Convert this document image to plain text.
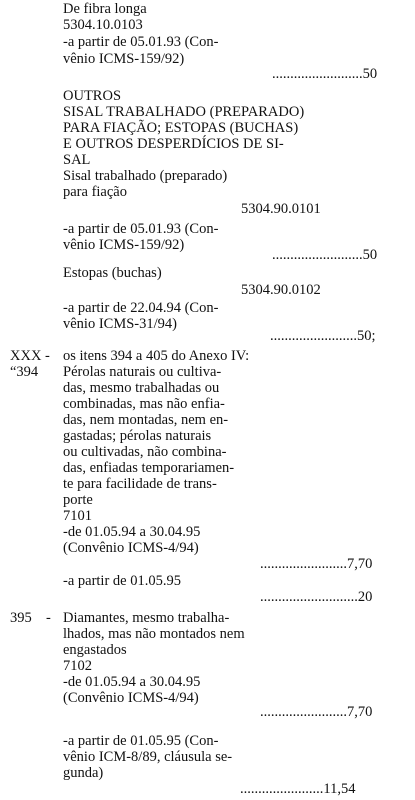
De fibra longa
5304.10.0103
-a partir de 05.01.93 (Con-
vênio ICMS-159/92)
.........................50
OUTROS
SISAL TRABALHADO (PREPARADO)
PARA FIAÇÃO; ESTOPAS (BUCHAS)
E OUTROS DESPERDÍCIOS DE SI-
SAL
Sisal trabalhado (preparado)
para fiação
5304.90.0101
-a partir de 05.01.93 (Con-
vênio ICMS-159/92)
.........................50
Estopas (buchas)
5304.90.0102
-a partir de 22.04.94 (Con-
vênio ICMS-31/94)
........................50;
XXX - os itens 394 a 405 do Anexo IV:
“394 Pérolas naturais ou cultiva-
das, mesmo trabalhadas ou
combinadas, mas não enfia-
das, nem montadas, nem en-
gastadas; pérolas naturais
ou cultivadas, não combina-
das, enfiadas temporariamen-
te para facilidade de trans-
porte
7101
-de 01.05.94 a 30.04.95
(Convênio ICMS-4/94)
........................7,70
-a partir de 01.05.95
...........................20
395 - Diamantes, mesmo trabalha-
lhados, mas não montados nem
engastados
7102
-de 01.05.94 a 30.04.95
(Convênio ICMS-4/94)
........................7,70
-a partir de 01.05.95 (Con-
vênio ICM-8/89, cláusula se-
gunda)
.......................11,54
